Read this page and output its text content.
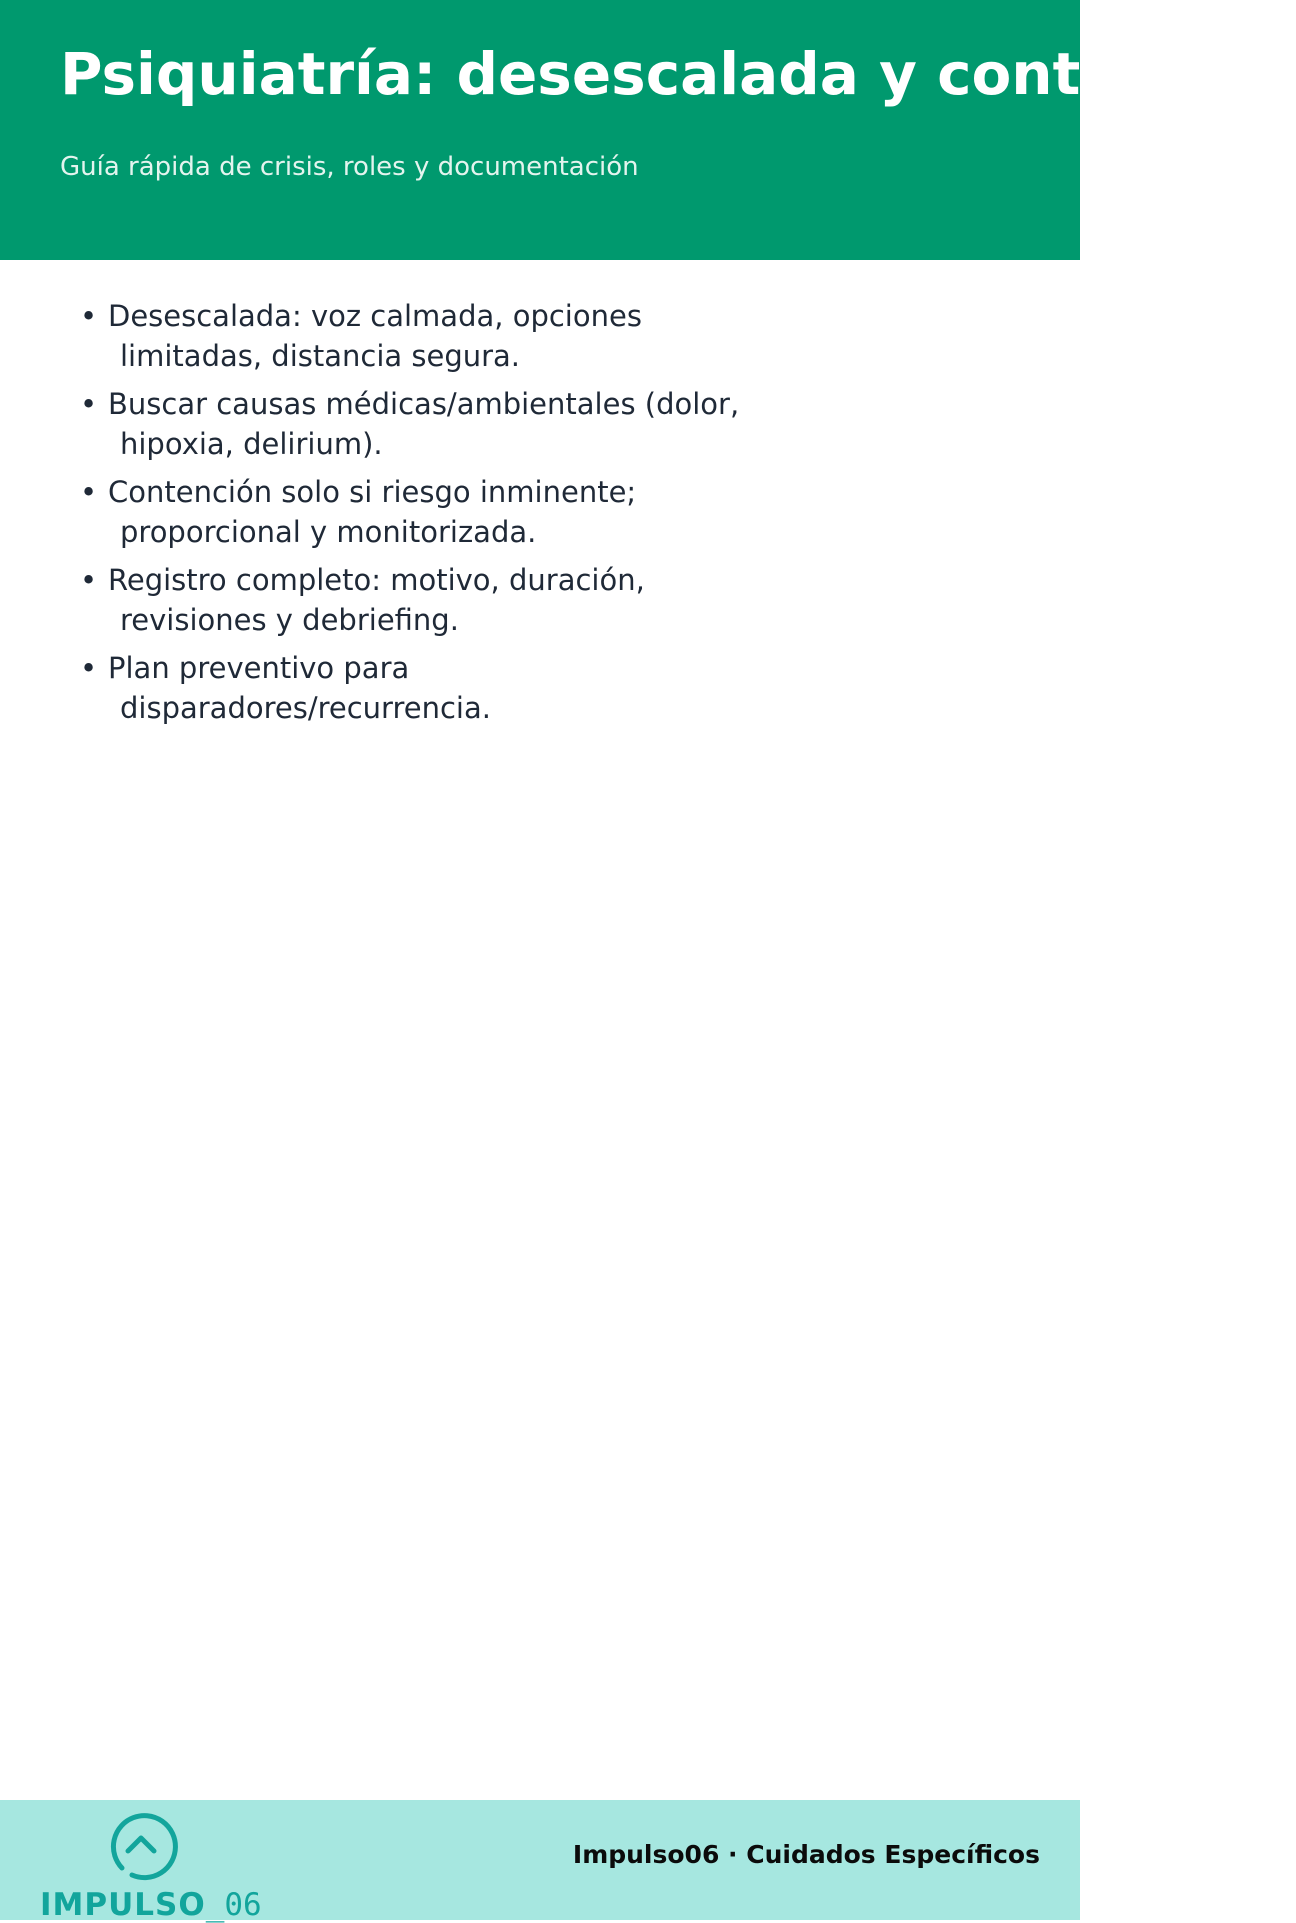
Psiquiatría: desescalada y contención

Guía rápida de crisis, roles y documentación

• Desescalada: voz calmada, opciones
limitadas, distancia segura.
• Buscar causas médicas/ambientales (dolor,
hipoxia, delirium).
• Contención solo si riesgo inminente;
proporcional y monitorizada.
• Registro completo: motivo, duración,
revisiones y debriefing.
• Plan preventivo para
disparadores/recurrencia.
IMPULSO_06

Impulso06 · Cuidados Específicos
